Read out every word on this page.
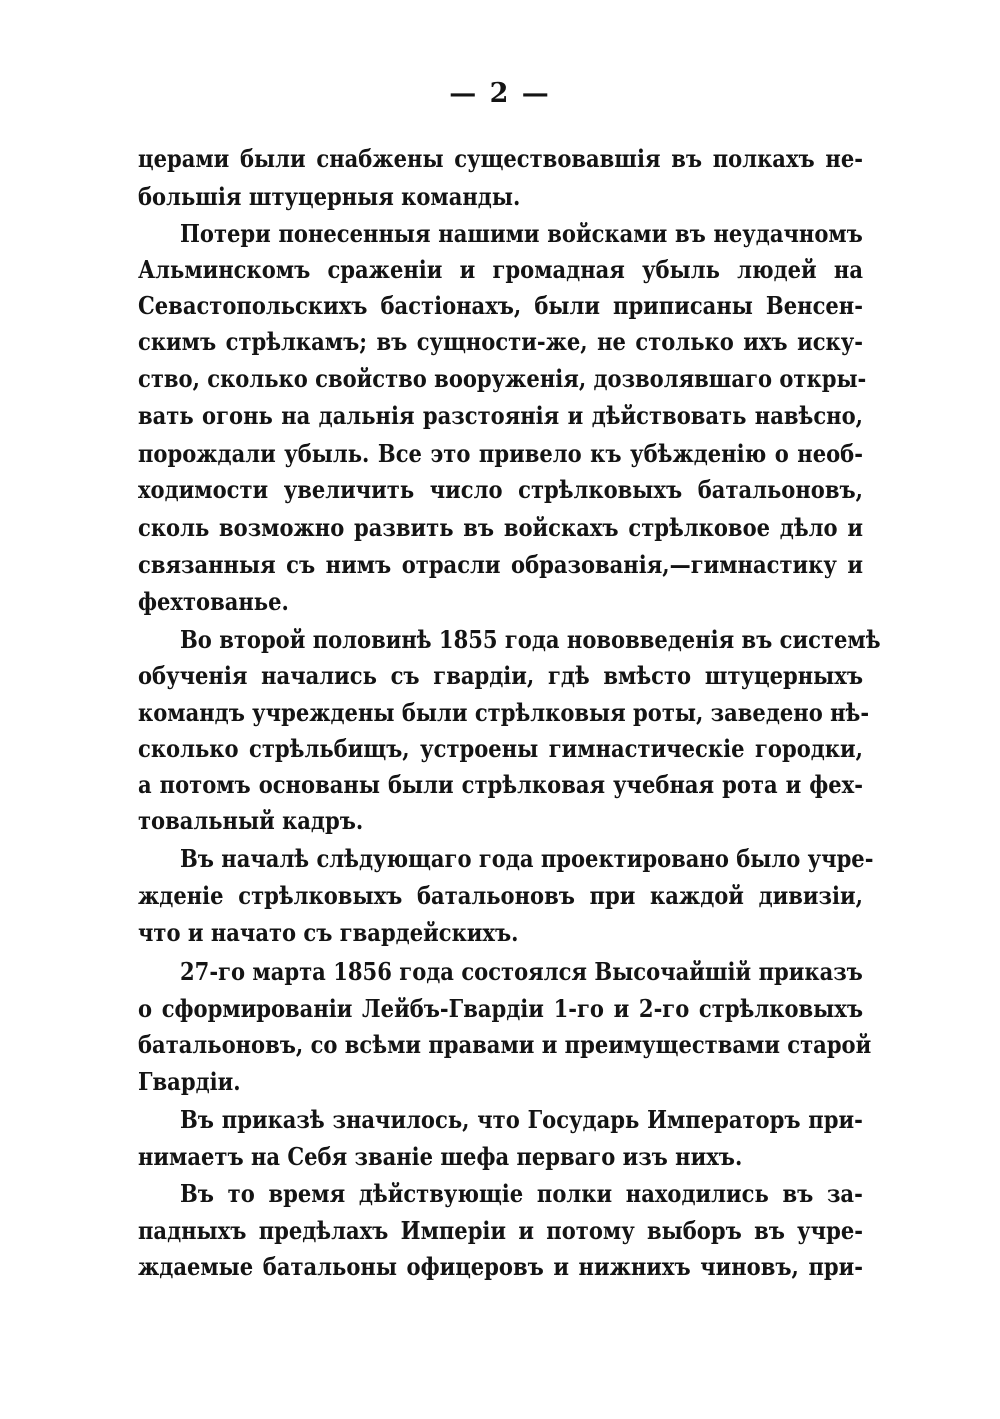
— 2 —
церами были снабжены существовавшія въ полкахъ не-
большія штуцерныя команды.
Потери понесенныя нашими войсками въ неудачномъ
Альминскомъ сраженіи и громадная убыль людей на
Севастопольскихъ бастіонахъ, были приписаны Венсен-
скимъ стрѣлкамъ; въ сущности-же, не столько ихъ иску-
ство, сколько свойство вооруженія, дозволявшаго откры-
вать огонь на дальнія разстоянія и дѣйствовать навѣсно,
порождали убыль. Все это привело къ убѣжденію о необ-
ходимости увеличить число стрѣлковыхъ батальоновъ,
сколь возможно развить въ войскахъ стрѣлковое дѣло и
связанныя съ нимъ отрасли образованія,—гимнастику и
фехтованье.
Во второй половинѣ 1855 года нововведенія въ системѣ
обученія начались съ гвардіи, гдѣ вмѣсто штуцерныхъ
командъ учреждены были стрѣлковыя роты, заведено нѣ-
сколько стрѣльбищъ, устроены гимнастическіе городки,
а потомъ основаны были стрѣлковая учебная рота и фех-
товальный кадръ.
Въ началѣ слѣдующаго года проектировано было учре-
жденіе стрѣлковыхъ батальоновъ при каждой дивизіи,
что и начато съ гвардейскихъ.
27-го марта 1856 года состоялся Высочайшій приказъ
о сформированіи Лейбъ-Гвардіи 1-го и 2-го стрѣлковыхъ
батальоновъ, со всѣми правами и преимуществами старой
Гвардіи.
Въ приказѣ значилось, что Государь Императоръ при-
нимаетъ на Себя званіе шефа перваго изъ нихъ.
Въ то время дѣйствующіе полки находились въ за-
падныхъ предѣлахъ Имперіи и потому выборъ въ учре-
ждаемые батальоны офицеровъ и нижнихъ чиновъ, при-
